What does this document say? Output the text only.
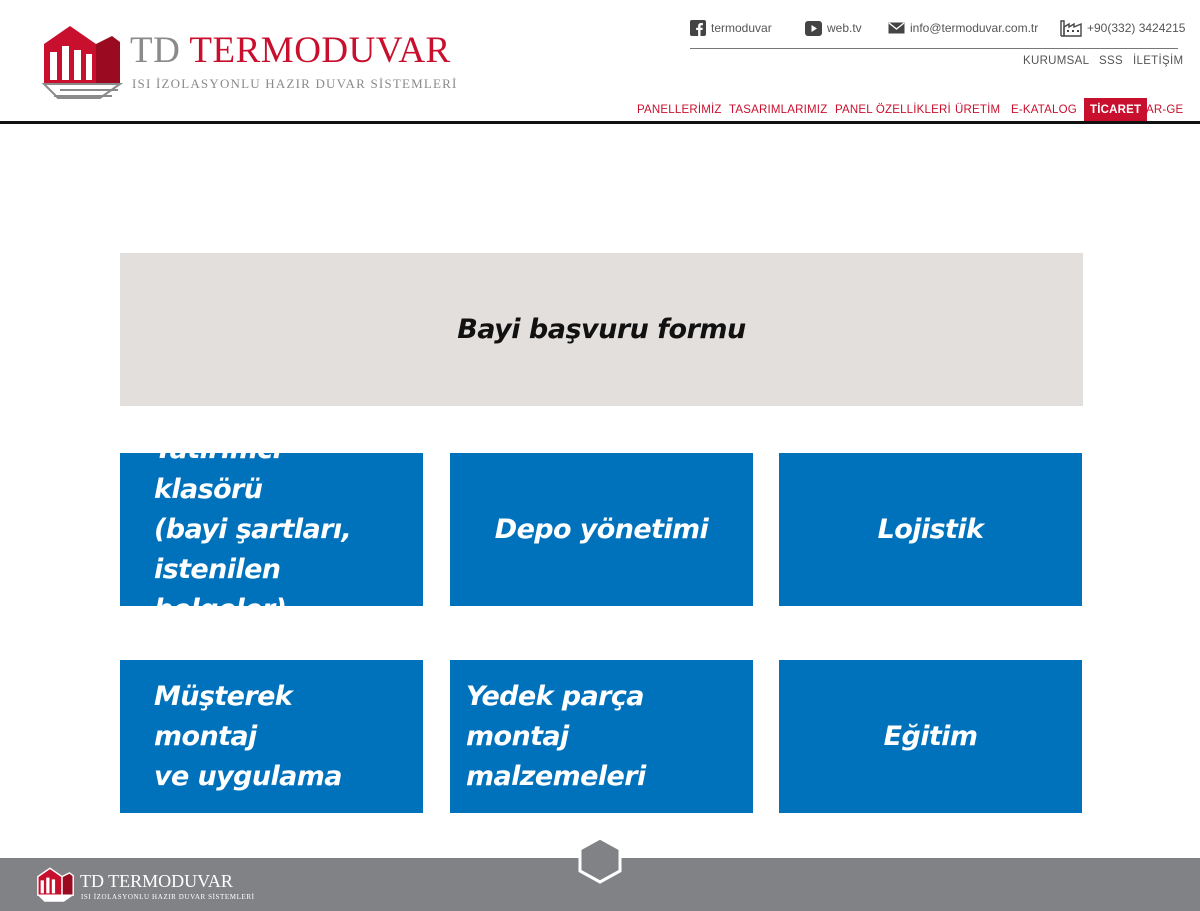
TD TERMODUVAR
ISI İZOLASYONLU HAZIR DUVAR SİSTEMLERİ
termoduvar	web.tv	info@termoduvar.com.tr	+90(332) 3424215
KURUMSAL SSS İLETİŞİM
PANELLERİMİZ TASARIMLARIMIZ PANEL ÖZELLİKLERİ ÜRETİM E-KATALOG	TİCARET AR-GE
Bayi başvuru formu
Yatırımcı klasörü
(bayi şartları,
istenilen belgeler)
Depo yönetimi	Lojistik
Müşterek montaj
ve uygulama
Yedek parça
montaj malzemeleri
Eğitim
TD TERMODUVAR
ISI İZOLASYONLU HAZIR DUVAR SİSTEMLERİ
